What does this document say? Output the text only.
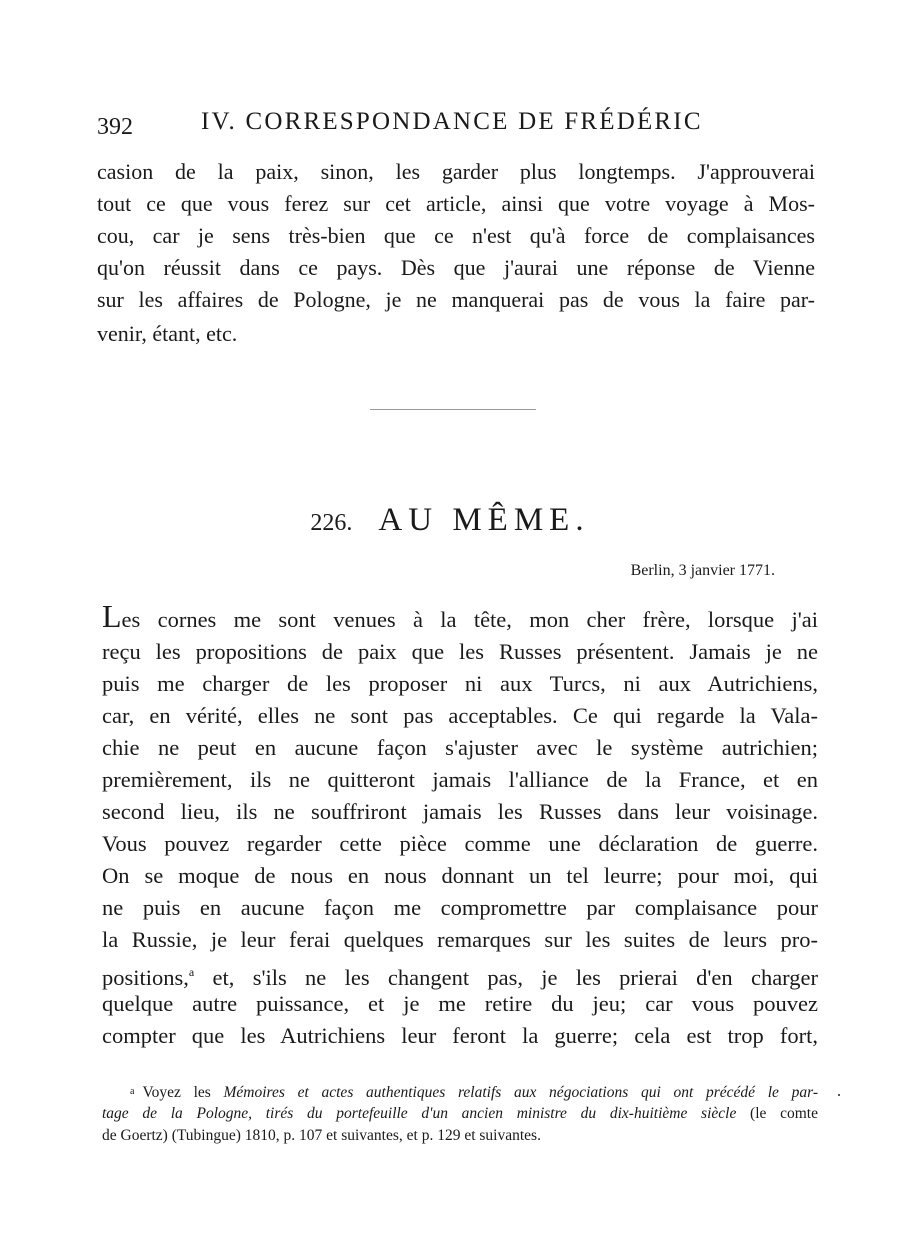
392	IV. CORRESPONDANCE DE FRÉDÉRIC
casion de la paix, sinon, les garder plus longtemps. J'approuverai
tout ce que vous ferez sur cet article, ainsi que votre voyage à Mos-
cou, car je sens très-bien que ce n'est qu'à force de complaisances
qu'on réussit dans ce pays. Dès que j'aurai une réponse de Vienne
sur les affaires de Pologne, je ne manquerai pas de vous la faire par-
venir, étant, etc.
226. AU MÊME.
Berlin, 3 janvier 1771.
Les cornes me sont venues à la tête, mon cher frère, lorsque j'ai
reçu les propositions de paix que les Russes présentent. Jamais je ne
puis me charger de les proposer ni aux Turcs, ni aux Autrichiens,
car, en vérité, elles ne sont pas acceptables. Ce qui regarde la Vala-
chie ne peut en aucune façon s'ajuster avec le système autrichien;
premièrement, ils ne quitteront jamais l'alliance de la France, et en
second lieu, ils ne souffriront jamais les Russes dans leur voisinage.
Vous pouvez regarder cette pièce comme une déclaration de guerre.
On se moque de nous en nous donnant un tel leurre; pour moi, qui
ne puis en aucune façon me compromettre par complaisance pour
la Russie, je leur ferai quelques remarques sur les suites de leurs pro-
positions,$^a$ et, s'ils ne les changent pas, je les prierai d'en charger
quelque autre puissance, et je me retire du jeu; car vous pouvez
compter que les Autrichiens leur feront la guerre; cela est trop fort,
a Voyez les Mémoires et actes authentiques relatifs aux négociations qui ont précédé le par-
tage de la Pologne, tirés du portefeuille d'un ancien ministre du dix-huitième siècle (le comte
de Goertz) (Tubingue) 1810, p. 107 et suivantes, et p. 129 et suivantes.
